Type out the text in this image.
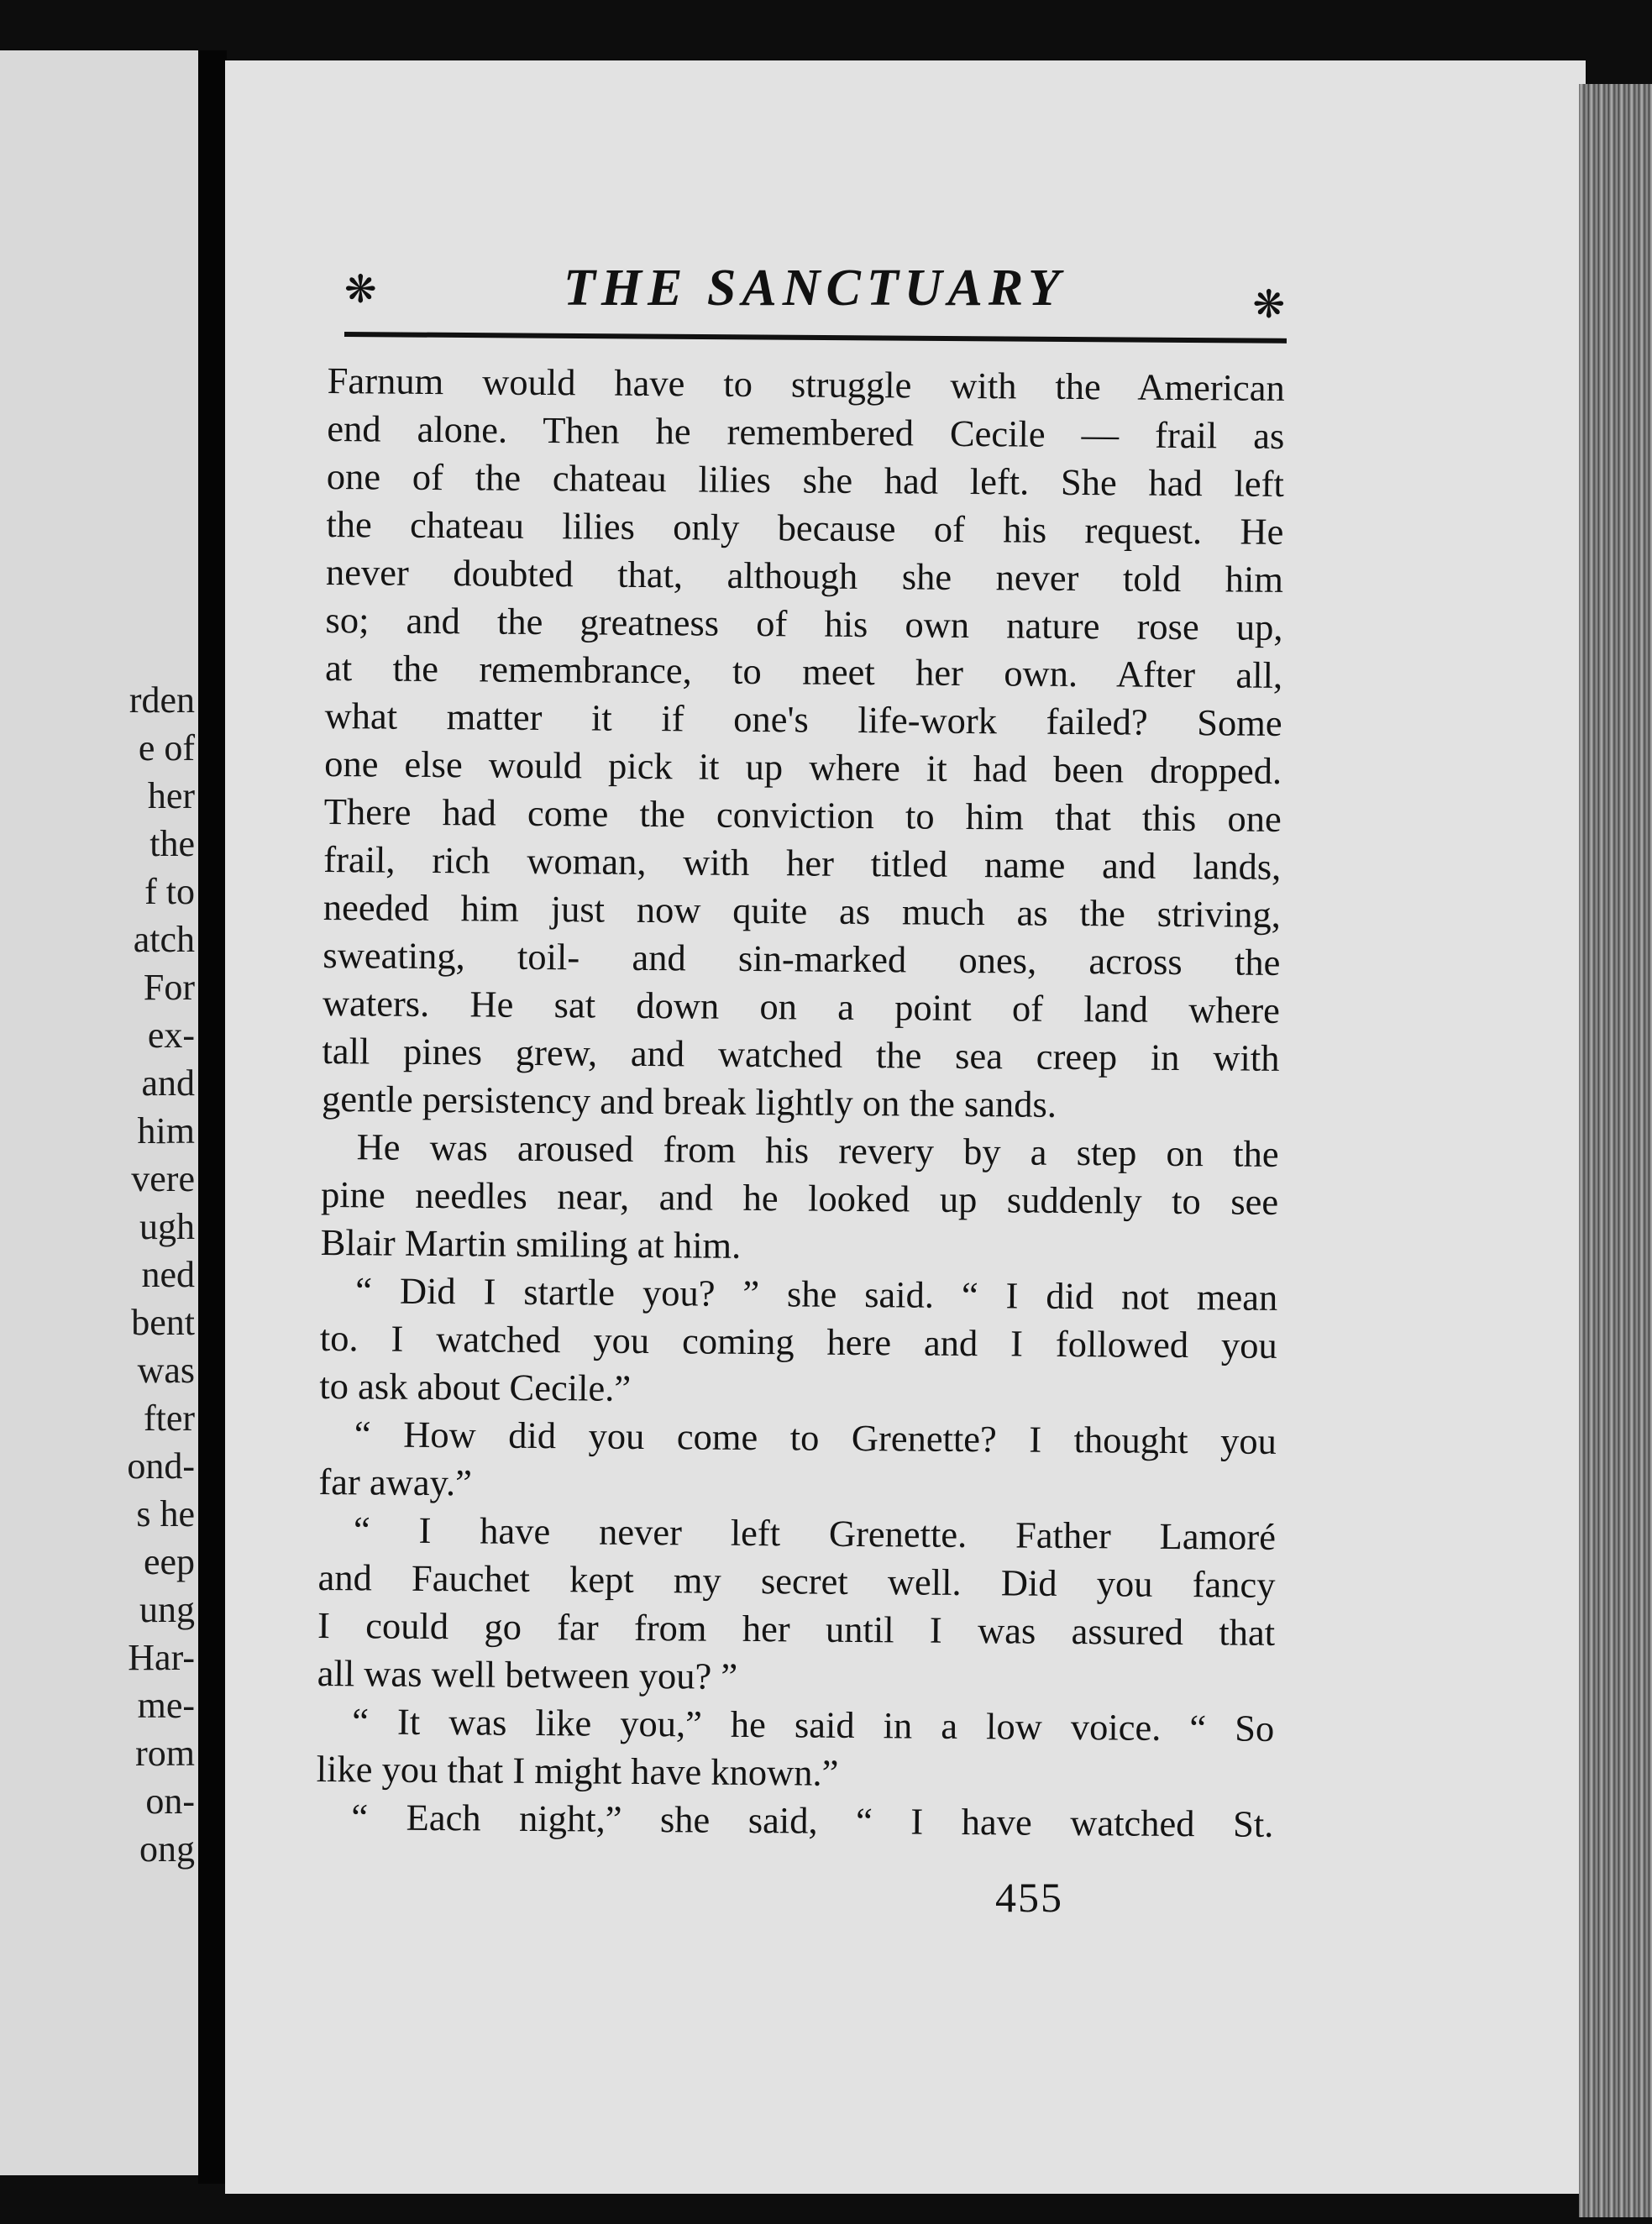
rden
e of
her
the
f to
atch
For
ex-
and
him
vere
ugh
ned
bent
was
fter
ond-
s he
eep
ung
Har-
me-
rom
on-
ong
❋	THE SANCTUARY	❋
Farnum would have to struggle with the American
end alone. Then he remembered Cecile — frail as
one of the chateau lilies she had left. She had left
the chateau lilies only because of his request. He
never doubted that, although she never told him
so; and the greatness of his own nature rose up,
at the remembrance, to meet her own. After all,
what matter it if one's life-work failed? Some
one else would pick it up where it had been dropped.
There had come the conviction to him that this one
frail, rich woman, with her titled name and lands,
needed him just now quite as much as the striving,
sweating, toil- and sin-marked ones, across the
waters. He sat down on a point of land where
tall pines grew, and watched the sea creep in with
gentle persistency and break lightly on the sands.
He was aroused from his revery by a step on the
pine needles near, and he looked up suddenly to see
Blair Martin smiling at him.
“ Did I startle you? ” she said. “ I did not mean
to. I watched you coming here and I followed you
to ask about Cecile.”
“ How did you come to Grenette? I thought you
far away.”
“ I have never left Grenette. Father Lamoré
and Fauchet kept my secret well. Did you fancy
I could go far from her until I was assured that
all was well between you? ”
“ It was like you,” he said in a low voice. “ So
like you that I might have known.”
“ Each night,” she said, “ I have watched St.
455
